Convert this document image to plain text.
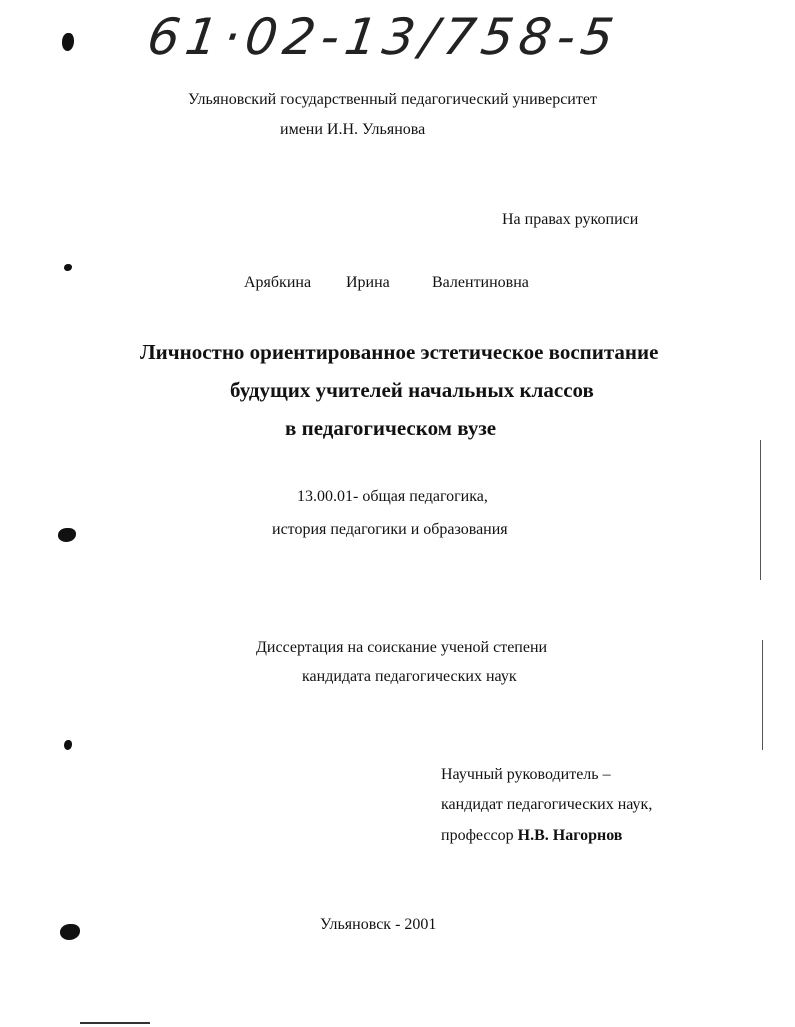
61·02-13/758-5
Ульяновский государственный педагогический университет
имени И.Н. Ульянова
На правах рукописи
Арябкина Ирина	Валентиновна
Личностно ориентированное эстетическое воспитание
будущих учителей начальных классов
в педагогическом вузе
13.00.01- общая педагогика,
история педагогики и образования
Диссертация на соискание ученой степени
кандидата педагогических наук
Научный руководитель –
кандидат педагогических наук,
профессор Н.В. Нагорнов
Ульяновск - 2001
